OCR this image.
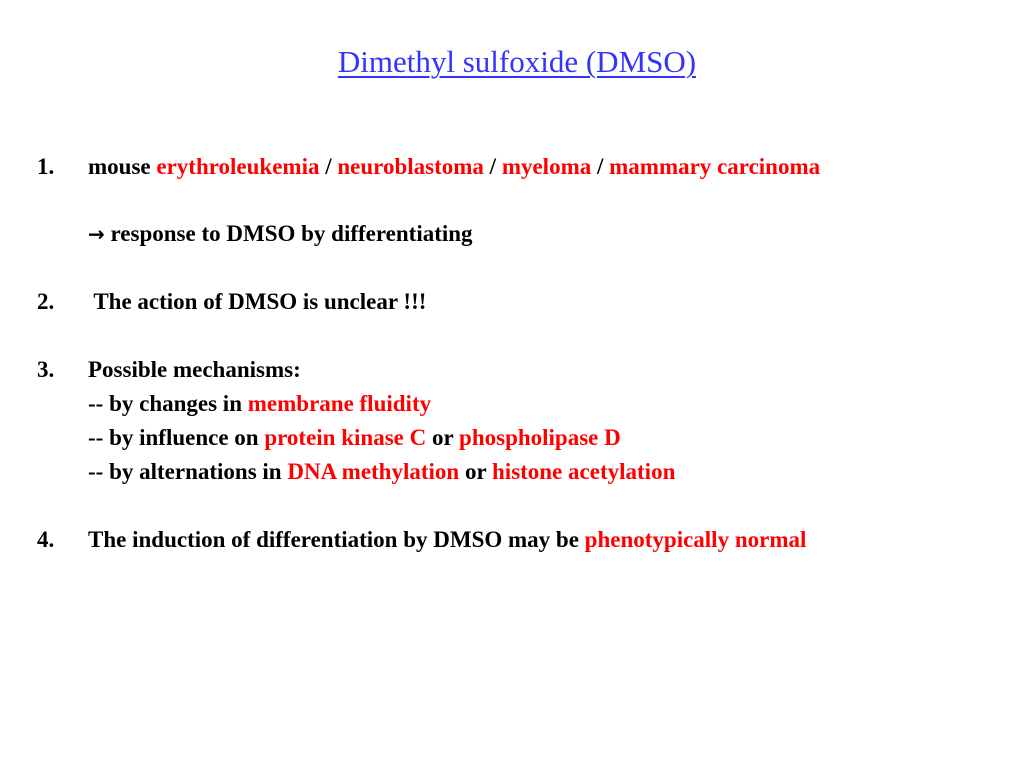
Dimethyl sulfoxide (DMSO)
1. mouse erythroleukemia / neuroblastoma / myeloma / mammary carcinoma
→ response to DMSO by differentiating
2. The action of DMSO is unclear !!!
3. Possible mechanisms:
-- by changes in membrane fluidity
-- by influence on protein kinase C or phospholipase D
-- by alternations in DNA methylation or histone acetylation
4. The induction of differentiation by DMSO may be phenotypically normal
